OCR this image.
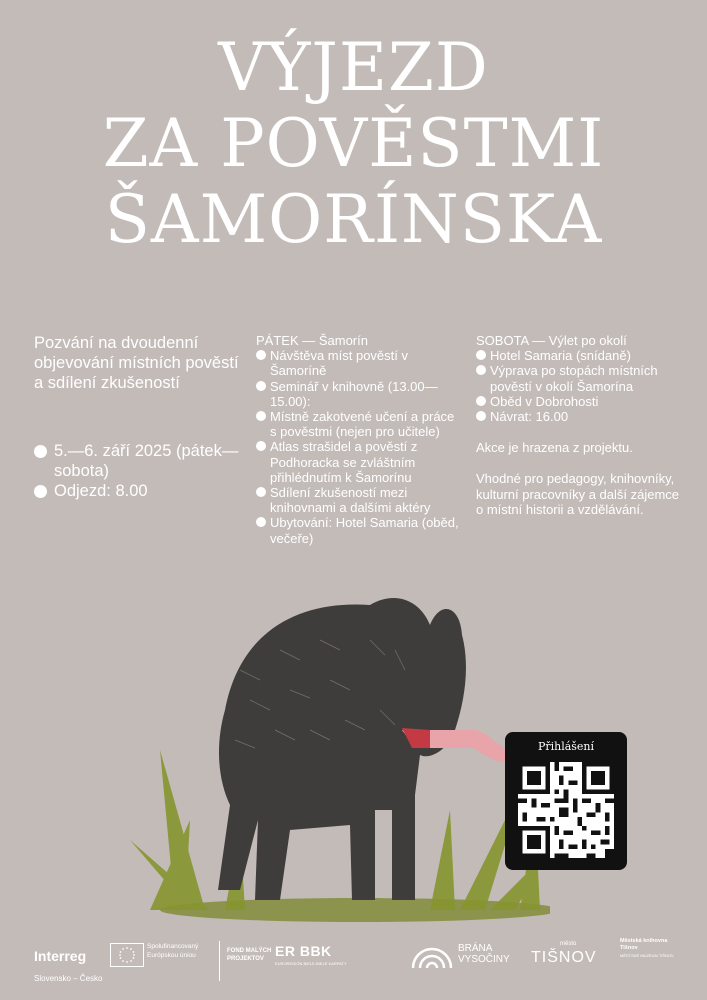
VÝJEZD
ZA POVĚSTMI
ŠAMORÍNSKA
Pozvání na dvoudenní objevování místních pověstí a sdílení zkušeností
5.—6. září 2025 (pátek—sobota)
Odjezd: 8.00
PÁTEK — Šamorín
Návštěva míst pověstí v Šamoríně
Seminář v knihovně (13.00—15.00):
Místně zakotvené učení a práce s pověstmi (nejen pro učitele)
Atlas strašidel a pověstí z Podhoracka se zvláštním přihlédnutím k Šamorínu
Sdílení zkušeností mezi knihovnami a dalšími aktéry
Ubytování: Hotel Samaria (oběd, večeře)
SOBOTA — Výlet po okolí
Hotel Samaria (snídaně)
Výprava po stopách místních pověstí v okolí Šamorína
Oběd v Dobrohosti
Návrat: 16.00

Akce je hrazena z projektu.

Vhodné pro pedagogy, knihovníky, kulturní pracovníky a další zájemce o místní historii a vzdělávání.

Přihlášení
Interreg
Slovensko – Česko
Spolufinancovaný Európskou úniou
FOND MALÝCH PROJEKTOV ER BBK
EUROREGIÓN BIELE-BIELE KARPATY
BRÁNA VYSOČINY
město
TIŠNOV
Městská knihovna Tišnov
MĚSTSKÉ MUZEUM TIŠNOV
